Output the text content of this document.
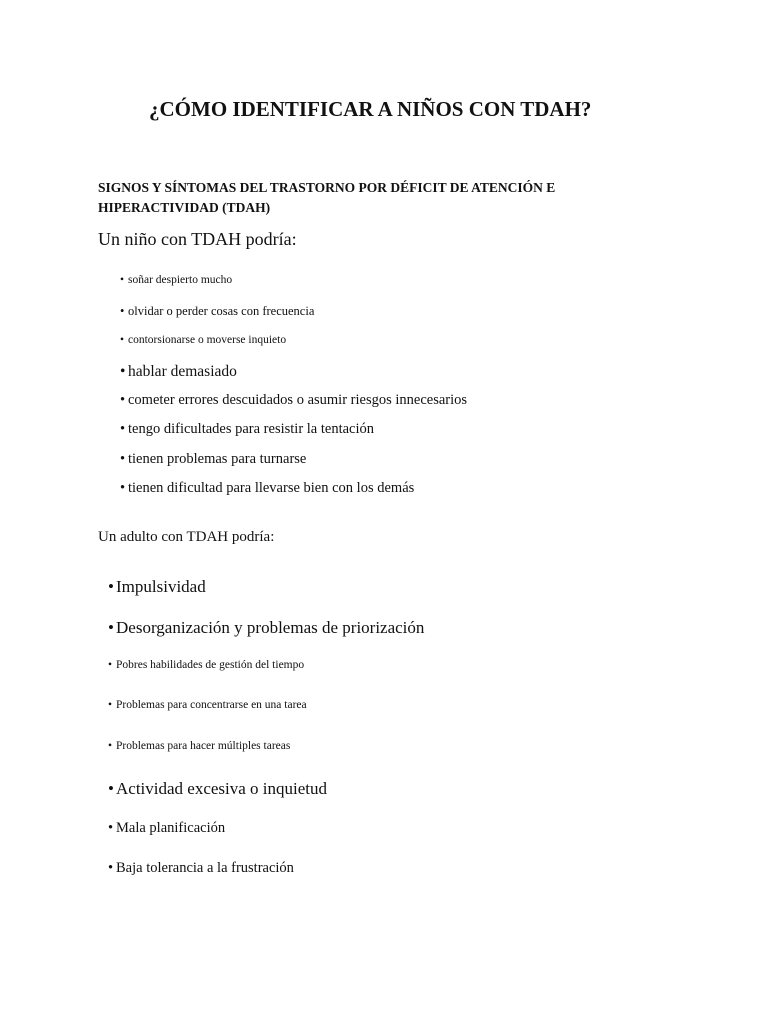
¿CÓMO IDENTIFICAR A NIÑOS CON TDAH?
SIGNOS Y SÍNTOMAS DEL TRASTORNO POR DÉFICIT DE ATENCIÓN E HIPERACTIVIDAD (TDAH)

Un niño con TDAH podría:

• soñar despierto mucho
• olvidar o perder cosas con frecuencia
• contorsionarse o moverse inquieto
• hablar demasiado
• cometer errores descuidados o asumir riesgos innecesarios
• tengo dificultades para resistir la tentación
• tienen problemas para turnarse
• tienen dificultad para llevarse bien con los demás

Un adulto con TDAH podría:

• Impulsividad
• Desorganización y problemas de priorización
• Pobres habilidades de gestión del tiempo
• Problemas para concentrarse en una tarea
• Problemas para hacer múltiples tareas
• Actividad excesiva o inquietud
• Mala planificación
• Baja tolerancia a la frustración
